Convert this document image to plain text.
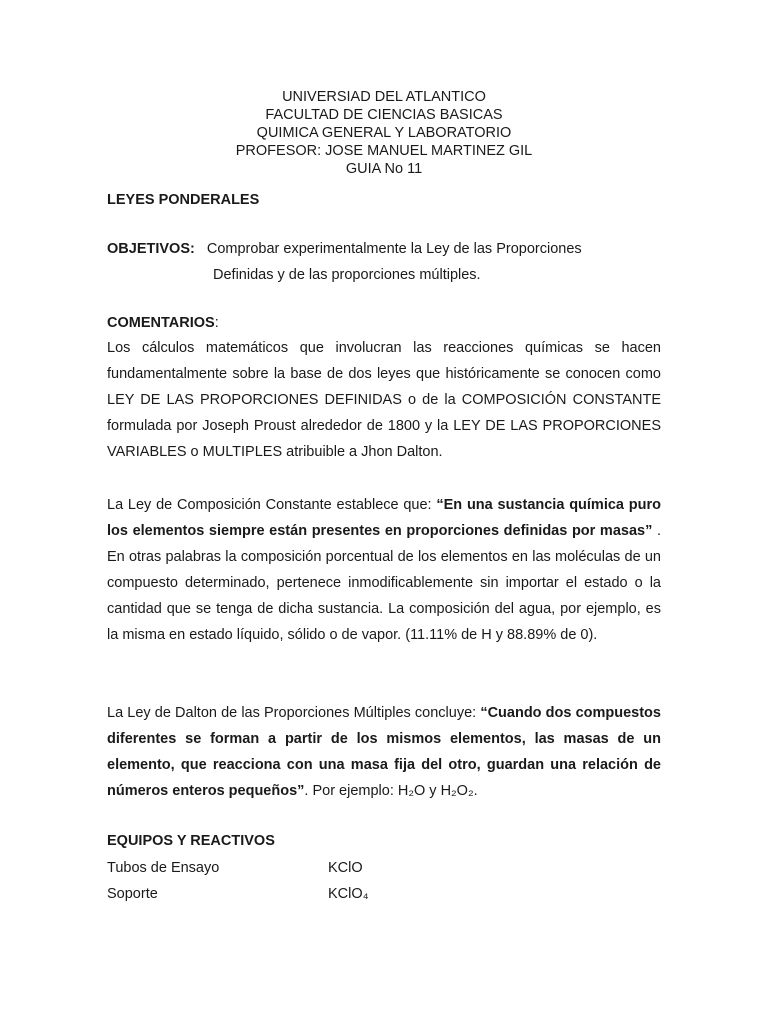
UNIVERSIAD DEL ATLANTICO
FACULTAD DE CIENCIAS BASICAS
QUIMICA GENERAL Y LABORATORIO
PROFESOR: JOSE MANUEL MARTINEZ GIL
GUIA No 11
LEYES PONDERALES
OBJETIVOS: Comprobar experimentalmente la Ley de las Proporciones
Definidas y de las proporciones múltiples.
COMENTARIOS:
Los cálculos matemáticos que involucran las reacciones químicas se hacen fundamentalmente sobre la base de dos leyes que históricamente se conocen como LEY DE LAS PROPORCIONES DEFINIDAS o de la COMPOSICIÓN CONSTANTE formulada por Joseph Proust alrededor de 1800 y la LEY DE LAS PROPORCIONES VARIABLES o MULTIPLES atribuible a Jhon Dalton.
La Ley de Composición Constante establece que: “En una sustancia química puro los elementos siempre están presentes en proporciones definidas por masas” . En otras palabras la composición porcentual de los elementos en las moléculas de un compuesto determinado, pertenece inmodificablemente sin importar el estado o la cantidad que se tenga de dicha sustancia. La composición del agua, por ejemplo, es la misma en estado líquido, sólido o de vapor. (11.11% de H y 88.89% de 0).
La Ley de Dalton de las Proporciones Múltiples concluye: “Cuando dos compuestos diferentes se forman a partir de los mismos elementos, las masas de un elemento, que reacciona con una masa fija del otro, guardan una relación de números enteros pequeños”. Por ejemplo: H₂O y H₂O₂.
EQUIPOS Y REACTIVOS
Tubos de Ensayo	KClO
Soporte	KClO₄
